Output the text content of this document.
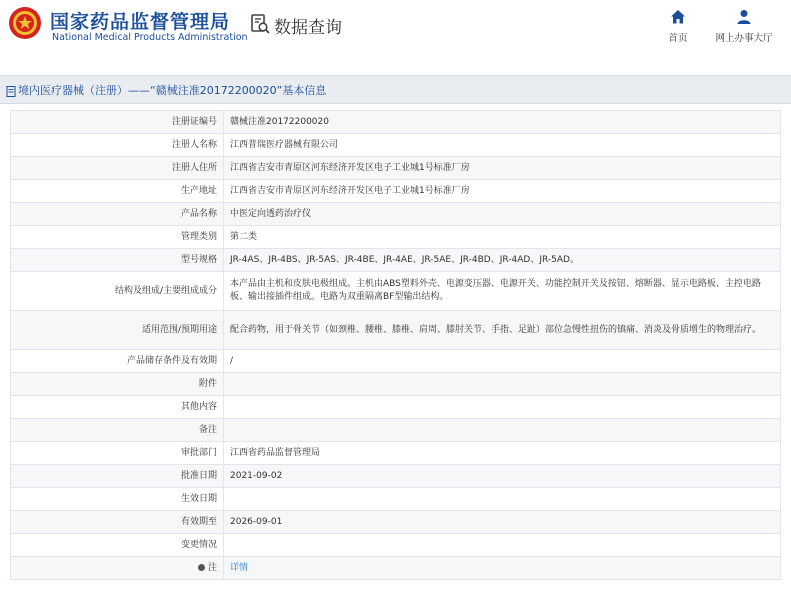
国家药品监督管理局
National Medical Products Administration 数据查询
首页	网上办事大厅
境内医疗器械（注册）——“赣械注准20172200020”基本信息
注册证编号	赣械注准20172200020
注册人名称	江西普瑞医疗器械有限公司
注册人住所	江西省吉安市青原区河东经济开发区电子工业城1号标准厂房
生产地址	江西省吉安市青原区河东经济开发区电子工业城1号标准厂房
产品名称	中医定向透药治疗仪
管理类别	第二类
型号规格	JR-4AS、JR-4BS、JR-5AS、JR-4BE、JR-4AE、JR-5AE、JR-4BD、JR-4AD、JR-5AD。
结构及组成/主要组成成分	本产品由主机和皮肤电极组成。主机由ABS塑料外壳、电源变压器、电源开关、功能控制开关及按钮、熔断器、显示电路板、主控电路板、输出接插件组成。电路为双重隔离BF型输出结构。
适用范围/预期用途	配合药物，用于骨关节（如颈椎、腰椎、膝椎、肩周、膝肘关节、手指、足趾）部位急慢性扭伤的镇痛、消炎及骨质增生的物理治疗。
产品储存条件及有效期	/
附件	
其他内容	
备注	
审批部门	江西省药品监督管理局
批准日期	2021-09-02
生效日期	
有效期至	2026-09-01
变更情况	
注	详情
